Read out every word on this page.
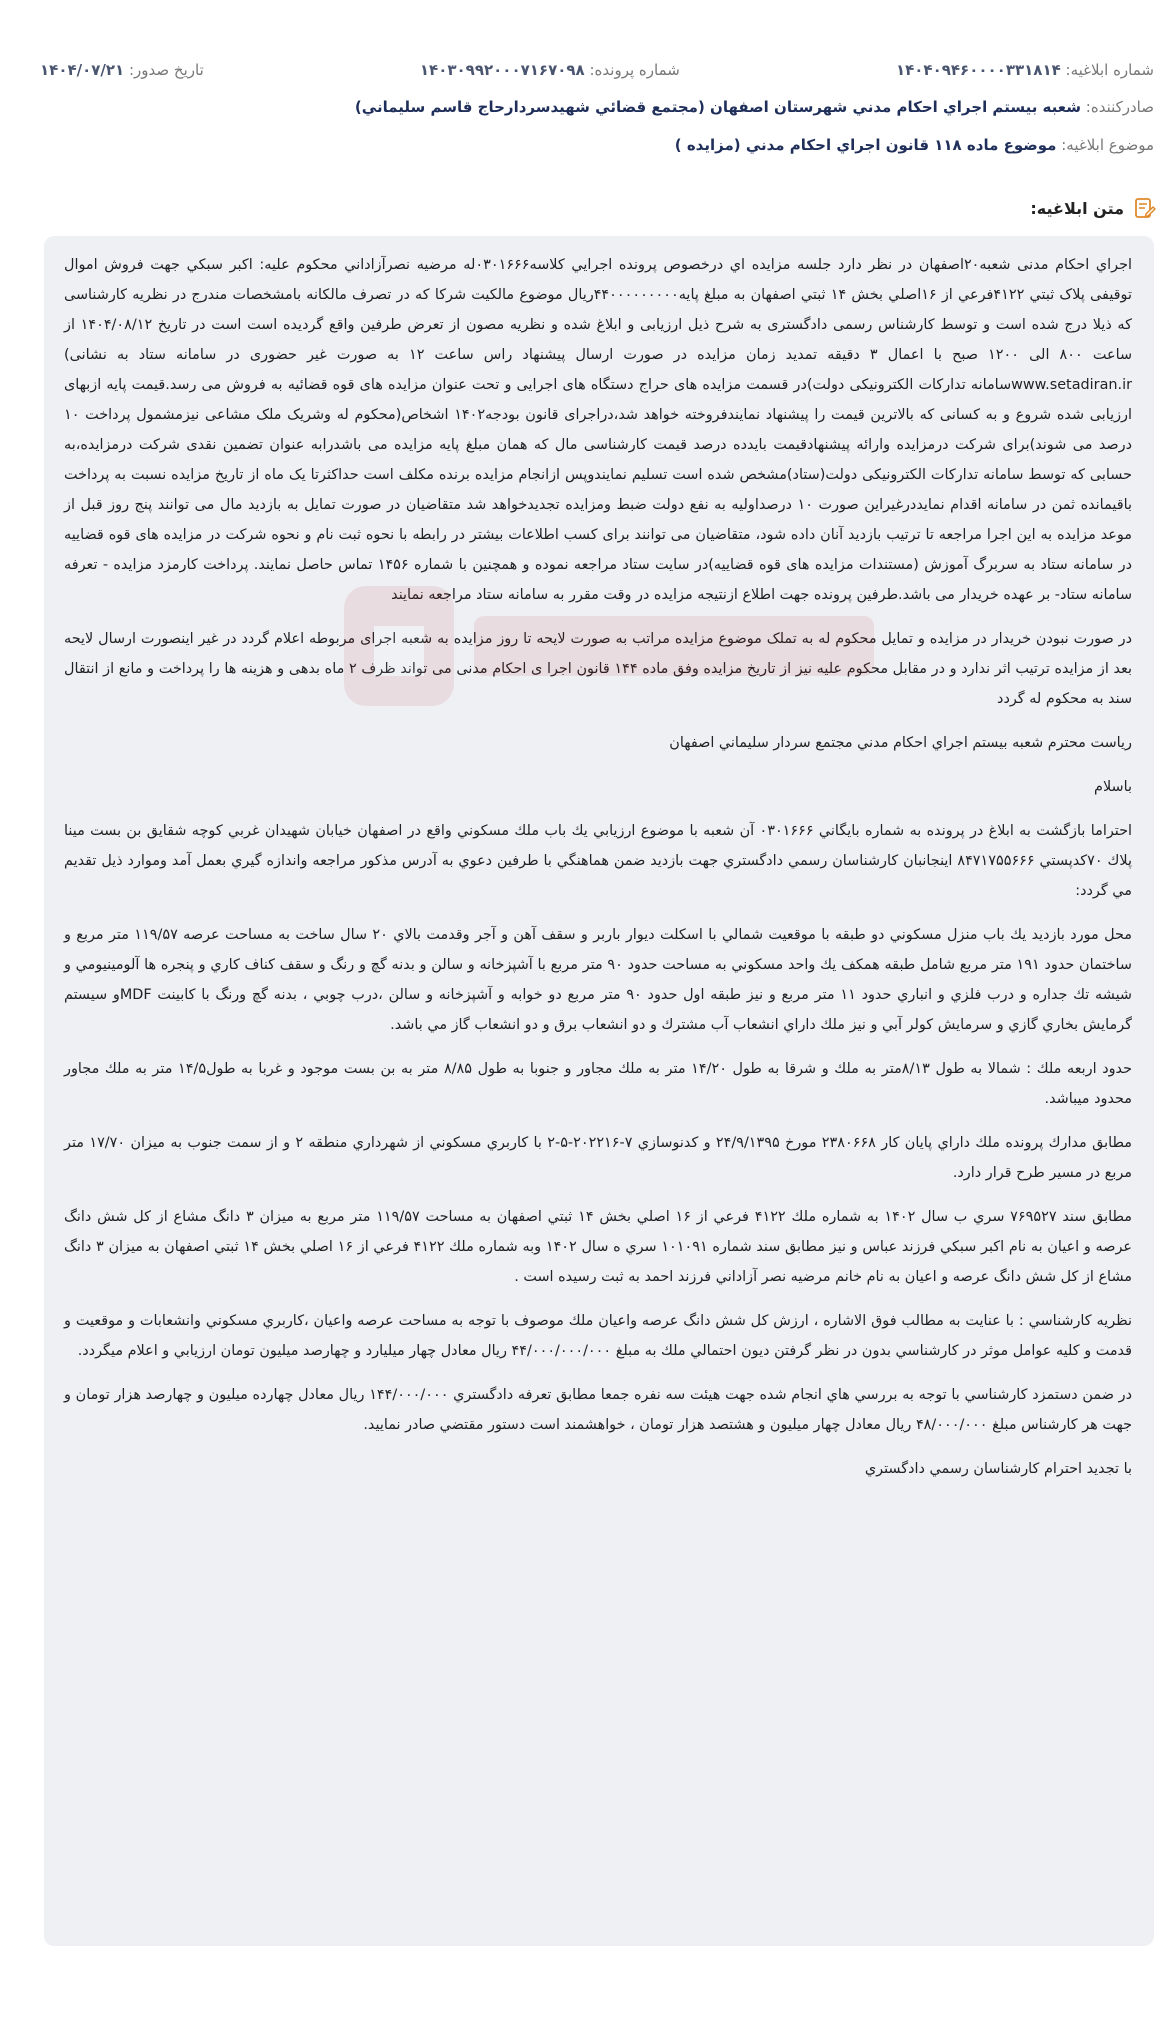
شماره ابلاغيه: ۱۴۰۴۰۹۴۶۰۰۰۰۳۳۱۸۱۴
شماره پرونده: ۱۴۰۳۰۹۹۲۰۰۰۷۱۶۷۰۹۸
تاريخ صدور: ۱۴۰۴/۰۷/۲۱
صادرکننده:

شعبه بيستم اجراي احكام مدني شهرستان اصفهان (مجتمع قضائي شهيدسردارحاج قاسم سليماني)
موضوع ابلاغیه:

موضوع ماده ١١٨ قانون اجراي احكام مدني (مزايده )
متن ابلاغیه:

اجراي احکام مدنی شعبه۲۰اصفهان در نظر دارد جلسه مزايده اي درخصوص پرونده اجرايي کلاسه۰۳۰۱۶۶۶له مرضيه نصرآزاداني محکوم عليه: اکبر سبکي جهت فروش اموال توقيفی پلاک ثبتي ۴۱۲۲فرعي از ۱۶اصلي بخش ۱۴ ثبتي اصفهان به مبلغ پايه۴۴۰۰۰۰۰۰۰۰۰ريال موضوع مالکيت شرکا که در تصرف مالکانه بامشخصات مندرج در نظريه کارشناسی که ذيلا درج شده است و توسط کارشناس رسمی دادگستری به شرح ذيل ارزيابی و ابلاغ شده و نظريه مصون از تعرض طرفين واقع گرديده است است در تاريخ ۱۴۰۴/۰۸/۱۲ از ساعت ۸۰۰ الی ۱۲۰۰ صبح با اعمال ۳ دقيقه تمديد زمان مزايده در صورت ارسال پيشنهاد راس ساعت ۱۲ به صورت غير حضوری در سامانه ستاد به نشانی) www.setadiran.irسامانه تدارکات الکترونيکی دولت)در قسمت مزايده های حراج دستگاه های اجرايی و تحت عنوان مزايده های قوه قضائيه به فروش می رسد.قيمت پايه ازبهای ارزيابی شده شروع و به کسانی که بالاترين قيمت را پيشنهاد نمايندفروخته خواهد شد،دراجرای قانون بودجه۱۴۰۲ اشخاص(محکوم له وشريک ملک مشاعی نيزمشمول پرداخت ۱۰ درصد می شوند)برای شرکت درمزايده وارائه پيشنهادقيمت بايدده درصد قيمت کارشناسی مال که همان مبلغ پايه مزايده می باشدرابه عنوان تضمين نقدی شرکت درمزايده،به حسابی که توسط سامانه تدارکات الکترونيکی دولت(ستاد)مشخص شده است تسليم نمايندوپس ازانجام مزايده برنده مکلف است حداکثرتا يک ماه از تاريخ مزايده نسبت به پرداخت باقيمانده ثمن در سامانه اقدام نمايددرغيراين صورت ۱۰ درصداوليه به نفع دولت ضبط ومزايده تجديدخواهد شد متقاضيان در صورت تمايل به بازديد مال می توانند پنج روز قبل از موعد مزايده به اين اجرا مراجعه تا ترتيب بازديد آنان داده شود، متقاضيان می توانند برای کسب اطلاعات بيشتر در رابطه با نحوه ثبت نام و نحوه شرکت در مزايده های قوه قضاييه در سامانه ستاد به سربرگ آموزش (مستندات مزايده های قوه قضاييه)در سايت ستاد مراجعه نموده و همچنين با شماره ۱۴۵۶ تماس حاصل نمايند. پرداخت کارمزد مزايده - تعرفه سامانه ستاد- بر عهده خريدار می باشد.طرفين پرونده جهت اطلاع ازنتيجه مزايده در وقت مقرر به سامانه ستاد مراجعه نمايند

در صورت نبودن خريدار در مزايده و تمايل محکوم له به تملک موضوع مزايده مراتب به صورت لايحه تا روز مزايده به شعبه اجرای مربوطه اعلام گردد در غير اينصورت ارسال لايحه بعد از مزايده ترتيب اثر ندارد و در مقابل محکوم عليه نيز از تاريخ مزايده وفق ماده ۱۴۴ قانون اجرا ی احکام مدنی می تواند ظرف ۲ ماه بدهی و هزينه ها را پرداخت و مانع از انتقال سند به محکوم له گردد

رياست محترم شعبه بيستم اجراي احكام مدني مجتمع سردار سليماني اصفهان

باسلام

احتراما بازگشت به ابلاغ در پرونده به شماره بايگاني ۰۳۰۱۶۶۶ آن شعبه با موضوع ارزيابي يك باب ملك مسكوني واقع در اصفهان خيابان شهيدان غربي كوچه شقايق بن بست مينا پلاك ۷۰كدپستي ۸۴۷۱۷۵۵۶۶۶ اينجانبان كارشناسان رسمي دادگستري جهت بازديد ضمن هماهنگي با طرفين دعوي به آدرس مذكور مراجعه واندازه گيري بعمل آمد وموارد ذيل تقديم مي گردد:

محل مورد بازديد يك باب منزل مسكوني دو طبقه با موقعيت شمالي با اسكلت ديوار باربر و سقف آهن و آجر وقدمت بالاي ۲۰ سال ساخت به مساحت عرصه ۱۱۹/۵۷ متر مربع و ساختمان حدود ۱۹۱ متر مربع شامل طبقه همكف يك واحد مسكوني به مساحت حدود ۹۰ متر مربع با آشپزخانه و سالن و بدنه گچ و رنگ و سقف كناف كاري و پنجره ها آلومينيومي و شيشه تك جداره و درب فلزي و انباري حدود ۱۱ متر مربع و نيز طبقه اول حدود ۹۰ متر مربع دو خوابه و آشپزخانه و سالن ،درب چوبي ، بدنه گچ ورنگ با كابينت MDFو سيستم گرمايش بخاري گازي و سرمايش كولر آبي و نيز ملك داراي انشعاب آب مشترك و دو انشعاب برق و دو انشعاب گاز مي باشد.

حدود اربعه ملك : شمالا به طول ۸/۱۳متر به ملك و شرقا به طول ۱۴/۲۰ متر به ملك مجاور و جنوبا به طول ۸/۸۵ متر به بن بست موجود و غربا به طول۱۴/۵ متر به ملك مجاور محدود ميباشد.

مطابق مدارك پرونده ملك داراي پايان كار ۲۳۸۰۶۶۸ مورخ ۲۴/۹/۱۳۹۵ و كدنوسازي ۷-۲۰۲۲۱۶-۵-۲ با كاربري مسكوني از شهرداري منطقه ۲ و از سمت جنوب به ميزان ۱۷/۷۰ متر مربع در مسير طرح قرار دارد.

مطابق سند ۷۶۹۵۲۷ سري ب سال ۱۴۰۲ به شماره ملك ۴۱۲۲ فرعي از ۱۶ اصلي بخش ۱۴ ثبتي اصفهان به مساحت ۱۱۹/۵۷ متر مربع به ميزان ۳ دانگ مشاع از كل شش دانگ عرصه و اعيان به نام اكبر سبكي فرزند عباس و نيز مطابق سند شماره ۱۰۱۰۹۱ سري ه سال ۱۴۰۲ وبه شماره ملك ۴۱۲۲ فرعي از ۱۶ اصلي بخش ۱۴ ثبتي اصفهان به ميزان ۳ دانگ مشاع از كل شش دانگ عرصه و اعيان به نام خانم مرضيه نصر آزاداني فرزند احمد به ثبت رسيده است .

نظريه كارشناسي : با عنايت به مطالب فوق الاشاره ، ارزش كل شش دانگ عرصه واعيان ملك موصوف با توجه به مساحت عرصه واعيان ،كاربري مسكوني وانشعابات و موقعيت و قدمت و كليه عوامل موثر در كارشناسي بدون در نظر گرفتن ديون احتمالي ملك به مبلغ ۴۴/۰۰۰/۰۰۰/۰۰۰ ريال معادل چهار ميليارد و چهارصد ميليون تومان ارزيابي و اعلام ميگردد.

در ضمن دستمزد كارشناسي با توجه به بررسي هاي انجام شده جهت هيئت سه نفره جمعا مطابق تعرفه دادگستري ۱۴۴/۰۰۰/۰۰۰ ريال معادل چهارده ميليون و چهارصد هزار تومان و جهت هر كارشناس مبلغ ۴۸/۰۰۰/۰۰۰ ريال معادل چهار ميليون و هشتصد هزار تومان ، خواهشمند است دستور مقتضي صادر نماييد.

با تجديد احترام كارشناسان رسمي دادگستري
